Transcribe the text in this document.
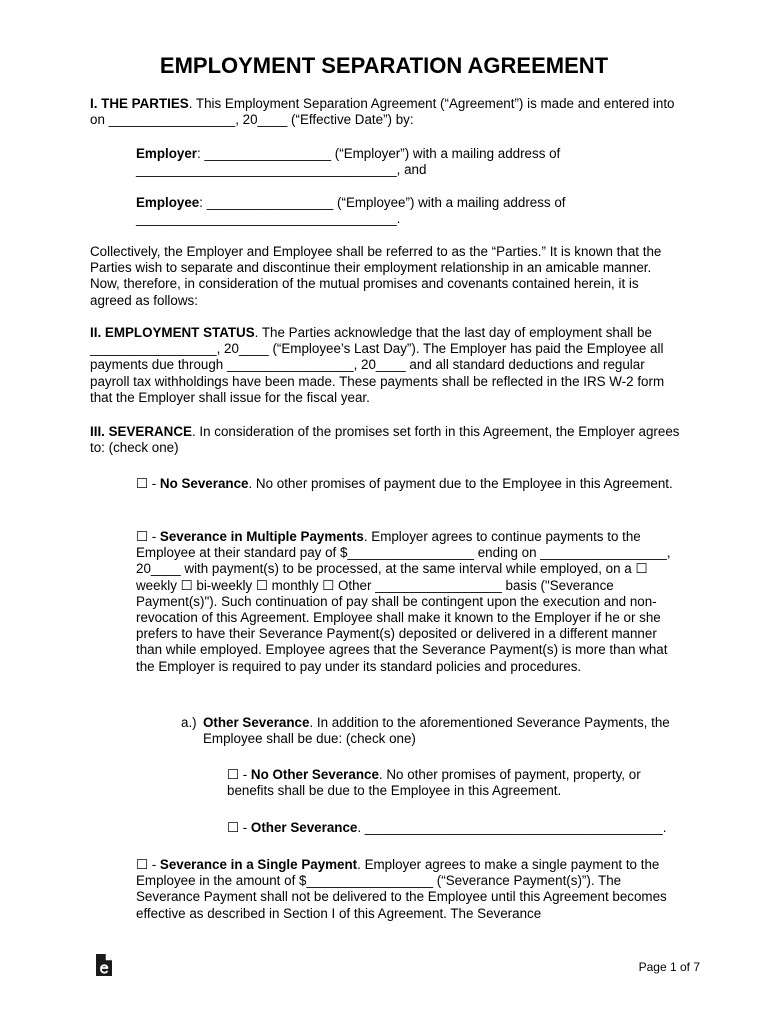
EMPLOYMENT SEPARATION AGREEMENT

I. THE PARTIES. This Employment Separation Agreement (“Agreement”) is made and entered into on _________________, 20____ (“Effective Date”) by:

Employer: _________________ (“Employer”) with a mailing address of ___________________________________, and

Employee: _________________ (“Employee”) with a mailing address of ___________________________________.

Collectively, the Employer and Employee shall be referred to as the “Parties.” It is known that the Parties wish to separate and discontinue their employment relationship in an amicable manner. Now, therefore, in consideration of the mutual promises and covenants contained herein, it is agreed as follows:

II. EMPLOYMENT STATUS. The Parties acknowledge that the last day of employment shall be _________________, 20____ (“Employee’s Last Day”). The Employer has paid the Employee all payments due through _________________, 20____ and all standard deductions and regular payroll tax withholdings have been made. These payments shall be reflected in the IRS W-2 form that the Employer shall issue for the fiscal year.

III. SEVERANCE. In consideration of the promises set forth in this Agreement, the Employer agrees to: (check one)

☐ - No Severance. No other promises of payment due to the Employee in this Agreement.

☐ - Severance in Multiple Payments. Employer agrees to continue payments to the Employee at their standard pay of $_________________ ending on _________________, 20____ with payment(s) to be processed, at the same interval while employed, on a ☐ weekly ☐ bi-weekly ☐ monthly ☐ Other _________________ basis ("Severance Payment(s)"). Such continuation of pay shall be contingent upon the execution and non-revocation of this Agreement. Employee shall make it known to the Employer if he or she prefers to have their Severance Payment(s) deposited or delivered in a different manner than while employed. Employee agrees that the Severance Payment(s) is more than what the Employer is required to pay under its standard policies and procedures.

a.) Other Severance. In addition to the aforementioned Severance Payments, the Employee shall be due: (check one)

☐ - No Other Severance. No other promises of payment, property, or benefits shall be due to the Employee in this Agreement.

☐ - Other Severance. ________________________________________.

☐ - Severance in a Single Payment. Employer agrees to make a single payment to the Employee in the amount of $_________________ (“Severance Payment(s)”). The Severance Payment shall not be delivered to the Employee until this Agreement becomes effective as described in Section I of this Agreement. The Severance

Page 1 of 7
